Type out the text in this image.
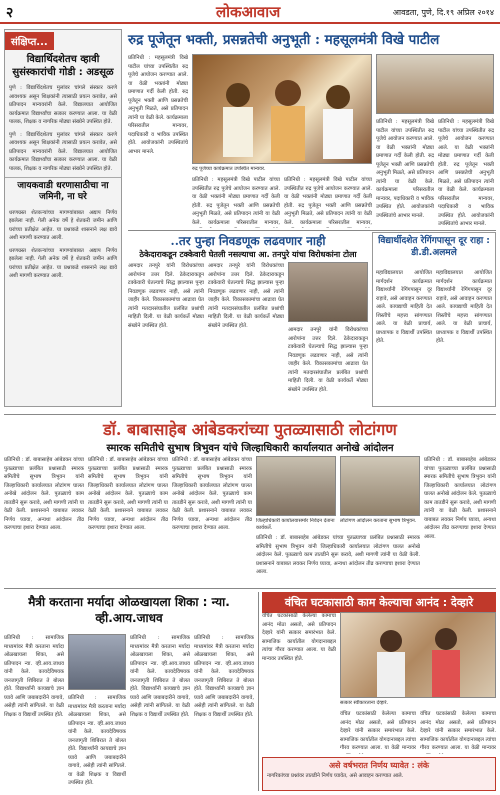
२	लोकआवाज	आवडता, पुणे, दि.१९ अप्रिल २०१४
संक्षिप्त...
विद्यार्थिदशेतच व्हावी सुसंस्कारांची गोडी : अडसूळ
पुणे : विद्यार्थिदशेतच मुलांवर चांगले संस्कार करणे आवश्यक असून शिक्षकांनी त्यासाठी प्रयत्न करावेत, असे प्रतिपादन मान्यवरांनी केले. विद्यालयात आयोजित कार्यक्रमात विद्यार्थ्यांचा सत्कार करण्यात आला. या वेळी पालक, शिक्षक व नागरिक मोठ्या संख्येने उपस्थित होते.
पुणे : विद्यार्थिदशेतच मुलांवर चांगले संस्कार करणे आवश्यक असून शिक्षकांनी त्यासाठी प्रयत्न करावेत, असे प्रतिपादन मान्यवरांनी केले. विद्यालयात आयोजित कार्यक्रमात विद्यार्थ्यांचा सत्कार करण्यात आला. या वेळी पालक, शिक्षक व नागरिक मोठ्या संख्येने उपस्थित होते.
जायकवाडी धरणासाठीचा ना जमिनी, ना घरे
धरणग्रस्त शेतकऱ्यांच्या मागण्यांबाबत अद्याप निर्णय झालेला नाही. गेली अनेक वर्षे हे शेतकरी जमीन आणि घरांच्या प्रतीक्षेत आहेत. या प्रश्नाकडे शासनाने लक्ष द्यावे अशी मागणी करण्यात आली.
धरणग्रस्त शेतकऱ्यांच्या मागण्यांबाबत अद्याप निर्णय झालेला नाही. गेली अनेक वर्षे हे शेतकरी जमीन आणि घरांच्या प्रतीक्षेत आहेत. या प्रश्नाकडे शासनाने लक्ष द्यावे अशी मागणी करण्यात आली.
रुद्र पूजेतून भक्ती, प्रसन्नतेची अनुभूती : महसूलमंत्री विखे पाटील
प्रतिनिधी : महसूलमंत्री विखे पाटील यांच्या उपस्थितीत रुद्र पूजेचे आयोजन करण्यात आले. या वेळी भक्तांनी मोठ्या प्रमाणात गर्दी केली होती. रुद्र पूजेतून भक्ती आणि प्रसन्नतेची अनुभूती मिळते, असे प्रतिपादन त्यांनी या वेळी केले. कार्यक्रमाला परिसरातील मान्यवर, पदाधिकारी व भाविक उपस्थित होते. आयोजकांनी उपस्थितांचे आभार मानले.
रुद्र पूजेच्या कार्यक्रमात उपस्थित मान्यवर.
प्रतिनिधी : महसूलमंत्री विखे पाटील यांच्या उपस्थितीत रुद्र पूजेचे आयोजन करण्यात आले. या वेळी भक्तांनी मोठ्या प्रमाणात गर्दी केली होती. रुद्र पूजेतून भक्ती आणि प्रसन्नतेची अनुभूती मिळते, असे प्रतिपादन त्यांनी या वेळी केले. कार्यक्रमाला परिसरातील मान्यवर,
प्रतिनिधी : महसूलमंत्री विखे पाटील यांच्या उपस्थितीत रुद्र पूजेचे आयोजन करण्यात आले. या वेळी भक्तांनी मोठ्या प्रमाणात गर्दी केली होती. रुद्र पूजेतून भक्ती आणि प्रसन्नतेची अनुभूती मिळते, असे प्रतिपादन त्यांनी या वेळी केले. कार्यक्रमाला परिसरातील मान्यवर,
प्रतिनिधी : महसूलमंत्री विखे पाटील यांच्या उपस्थितीत रुद्र पूजेचे आयोजन करण्यात आले. या वेळी भक्तांनी मोठ्या प्रमाणात गर्दी केली होती. रुद्र पूजेतून भक्ती आणि प्रसन्नतेची अनुभूती मिळते, असे प्रतिपादन त्यांनी या वेळी केले. कार्यक्रमाला परिसरातील मान्यवर, पदाधिकारी व भाविक उपस्थित होते. आयोजकांनी उपस्थितांचे आभार मानले.
प्रतिनिधी : महसूलमंत्री विखे पाटील यांच्या उपस्थितीत रुद्र पूजेचे आयोजन करण्यात आले. या वेळी भक्तांनी मोठ्या प्रमाणात गर्दी केली होती. रुद्र पूजेतून भक्ती आणि प्रसन्नतेची अनुभूती मिळते, असे प्रतिपादन त्यांनी या वेळी केले. कार्यक्रमाला परिसरातील मान्यवर, पदाधिकारी व भाविक उपस्थित होते. आयोजकांनी उपस्थितांचे आभार मानले.
..तर पुन्हा निवडणूक लढवणार नाही
ठेकेदाराकडून टक्केवारी घेतली नसल्याचा आ. तनपुरे यांचा विरोधकांना टोला
आमदार तनपुरे यांनी विरोधकांच्या आरोपांना उत्तर दिले. ठेकेदाराकडून टक्केवारी घेतल्याचे सिद्ध झाल्यास पुन्हा निवडणूक लढवणार नाही, असे त्यांनी जाहीर केले. विकासकामांचा आढावा घेत त्यांनी मतदारसंघातील प्रलंबित प्रश्नांची माहिती दिली. या वेळी कार्यकर्ते मोठ्या संख्येने उपस्थित होते.
आमदार तनपुरे यांनी विरोधकांच्या आरोपांना उत्तर दिले. ठेकेदाराकडून टक्केवारी घेतल्याचे सिद्ध झाल्यास पुन्हा निवडणूक लढवणार नाही, असे त्यांनी जाहीर केले. विकासकामांचा आढावा घेत त्यांनी मतदारसंघातील प्रलंबित प्रश्नांची माहिती दिली. या वेळी कार्यकर्ते मोठ्या संख्येने उपस्थित होते.
आमदार तनपुरे यांनी विरोधकांच्या आरोपांना उत्तर दिले. ठेकेदाराकडून टक्केवारी घेतल्याचे सिद्ध झाल्यास पुन्हा निवडणूक लढवणार नाही, असे त्यांनी जाहीर केले. विकासकामांचा आढावा घेत त्यांनी मतदारसंघातील प्रलंबित प्रश्नांची माहिती दिली. या वेळी कार्यकर्ते मोठ्या संख्येने उपस्थित होते.
विद्यार्थीदशेत रेगिंगपासून दूर राहा : डी.डी.अलमले
महाविद्यालयात आयोजित मार्गदर्शन कार्यक्रमात विद्यार्थ्यांनी रेगिंगपासून दूर राहावे, असे आवाहन करण्यात आले. कायद्याची माहिती देत शिस्तीचे महत्त्व सांगण्यात आले. या वेळी प्राचार्य, प्राध्यापक व विद्यार्थी उपस्थित होते.
महाविद्यालयात आयोजित मार्गदर्शन कार्यक्रमात विद्यार्थ्यांनी रेगिंगपासून दूर राहावे, असे आवाहन करण्यात आले. कायद्याची माहिती देत शिस्तीचे महत्त्व सांगण्यात आले. या वेळी प्राचार्य, प्राध्यापक व विद्यार्थी उपस्थित होते.
डॉ. बाबासाहेब आंबेडकरांच्या पुतळ्यासाठी लोटांगण
स्मारक समितीचे सुभाष त्रिभुवन यांचे जिल्हाधिकारी कार्यालयात अनोखे आंदोलन
प्रतिनिधी : डॉ. बाबासाहेब आंबेडकर यांच्या पुतळ्याच्या प्रलंबित प्रश्नासाठी स्मारक समितीचे सुभाष त्रिभुवन यांनी जिल्हाधिकारी कार्यालयात लोटांगण घालत अनोखे आंदोलन केले. पुतळ्याचे काम तातडीने सुरू करावे, अशी मागणी त्यांनी या वेळी केली. प्रशासनाने याबाबत लवकर निर्णय घ्यावा, अन्यथा आंदोलन तीव्र करण्याचा इशारा देण्यात आला.
प्रतिनिधी : डॉ. बाबासाहेब आंबेडकर यांच्या पुतळ्याच्या प्रलंबित प्रश्नासाठी स्मारक समितीचे सुभाष त्रिभुवन यांनी जिल्हाधिकारी कार्यालयात लोटांगण घालत अनोखे आंदोलन केले. पुतळ्याचे काम तातडीने सुरू करावे, अशी मागणी त्यांनी या वेळी केली. प्रशासनाने याबाबत लवकर निर्णय घ्यावा, अन्यथा आंदोलन तीव्र करण्याचा इशारा देण्यात आला.
प्रतिनिधी : डॉ. बाबासाहेब आंबेडकर यांच्या पुतळ्याच्या प्रलंबित प्रश्नासाठी स्मारक समितीचे सुभाष त्रिभुवन यांनी जिल्हाधिकारी कार्यालयात लोटांगण घालत अनोखे आंदोलन केले. पुतळ्याचे काम तातडीने सुरू करावे, अशी मागणी त्यांनी या वेळी केली. प्रशासनाने याबाबत लवकर निर्णय घ्यावा, अन्यथा आंदोलन तीव्र करण्याचा इशारा देण्यात आला.
जिल्हाधिकारी कार्यालयासमोर निवेदन देताना कार्यकर्ते.
लोटांगण आंदोलन करताना सुभाष त्रिभुवन.
प्रतिनिधी : डॉ. बाबासाहेब आंबेडकर यांच्या पुतळ्याच्या प्रलंबित प्रश्नासाठी स्मारक समितीचे सुभाष त्रिभुवन यांनी जिल्हाधिकारी कार्यालयात लोटांगण घालत अनोखे आंदोलन केले. पुतळ्याचे काम तातडीने सुरू करावे, अशी मागणी त्यांनी या वेळी केली. प्रशासनाने याबाबत लवकर निर्णय घ्यावा, अन्यथा आंदोलन तीव्र करण्याचा इशारा देण्यात आला.
प्रतिनिधी : डॉ. बाबासाहेब आंबेडकर यांच्या पुतळ्याच्या प्रलंबित प्रश्नासाठी स्मारक समितीचे सुभाष त्रिभुवन यांनी जिल्हाधिकारी कार्यालयात लोटांगण घालत अनोखे आंदोलन केले. पुतळ्याचे काम तातडीने सुरू करावे, अशी मागणी त्यांनी या वेळी केली. प्रशासनाने याबाबत लवकर निर्णय घ्यावा, अन्यथा आंदोलन तीव्र करण्याचा इशारा देण्यात आला.
मैत्री करताना मर्यादा ओळखायला शिका : न्या. व्ही.आय.जाधव
प्रतिनिधी : सामाजिक माध्यमांवर मैत्री करताना मर्यादा ओळखायला शिका, असे प्रतिपादन न्या. व्ही.आय.जाधव यांनी केले. कायदेविषयक जनजागृती शिबिरात ते बोलत होते. विद्यार्थ्यांनी कायद्याचे ज्ञान घ्यावे आणि जबाबदारीने वागावे, असेही त्यांनी सांगितले. या वेळी शिक्षक व विद्यार्थी उपस्थित होते.
प्रतिनिधी : सामाजिक माध्यमांवर मैत्री करताना मर्यादा ओळखायला शिका, असे प्रतिपादन न्या. व्ही.आय.जाधव यांनी केले. कायदेविषयक जनजागृती शिबिरात ते बोलत होते. विद्यार्थ्यांनी कायद्याचे ज्ञान घ्यावे आणि जबाबदारीने वागावे, असेही त्यांनी सांगितले. या वेळी शिक्षक व विद्यार्थी उपस्थित होते.
प्रतिनिधी : सामाजिक माध्यमांवर मैत्री करताना मर्यादा ओळखायला शिका, असे प्रतिपादन न्या. व्ही.आय.जाधव यांनी केले. कायदेविषयक जनजागृती शिबिरात ते बोलत होते. विद्यार्थ्यांनी कायद्याचे ज्ञान घ्यावे आणि जबाबदारीने वागावे, असेही त्यांनी सांगितले. या वेळी शिक्षक व विद्यार्थी उपस्थित होते.
प्रतिनिधी : सामाजिक माध्यमांवर मैत्री करताना मर्यादा ओळखायला शिका, असे प्रतिपादन न्या. व्ही.आय.जाधव यांनी केले. कायदेविषयक जनजागृती शिबिरात ते बोलत होते. विद्यार्थ्यांनी कायद्याचे ज्ञान घ्यावे आणि जबाबदारीने वागावे, असेही त्यांनी सांगितले. या वेळी शिक्षक व विद्यार्थी उपस्थित होते.
वंचित घटकासाठी काम केल्याचा आनंद : देव्हारे
वंचित घटकांसाठी केलेल्या कामाचा आनंद मोठा असतो, असे प्रतिपादन देव्हारे यांनी सत्कार समारंभात केले. सामाजिक कार्यातील योगदानाबद्दल त्यांचा गौरव करण्यात आला. या वेळी मान्यवर उपस्थित होते.
सत्कार स्वीकारताना देव्हारे.
वंचित घटकांसाठी केलेल्या कामाचा आनंद मोठा असतो, असे प्रतिपादन देव्हारे यांनी सत्कार समारंभात केले. सामाजिक कार्यातील योगदानाबद्दल त्यांचा गौरव करण्यात आला. या वेळी मान्यवर
वंचित घटकांसाठी केलेल्या कामाचा आनंद मोठा असतो, असे प्रतिपादन देव्हारे यांनी सत्कार समारंभात केले. सामाजिक कार्यातील योगदानाबद्दल त्यांचा गौरव करण्यात आला. या वेळी मान्यवर
असे वर्षभरात निर्णय घ्यावेत : लंके
नागरिकांच्या प्रश्नांवर तातडीने निर्णय घ्यावेत, असे आवाहन करण्यात आले.
